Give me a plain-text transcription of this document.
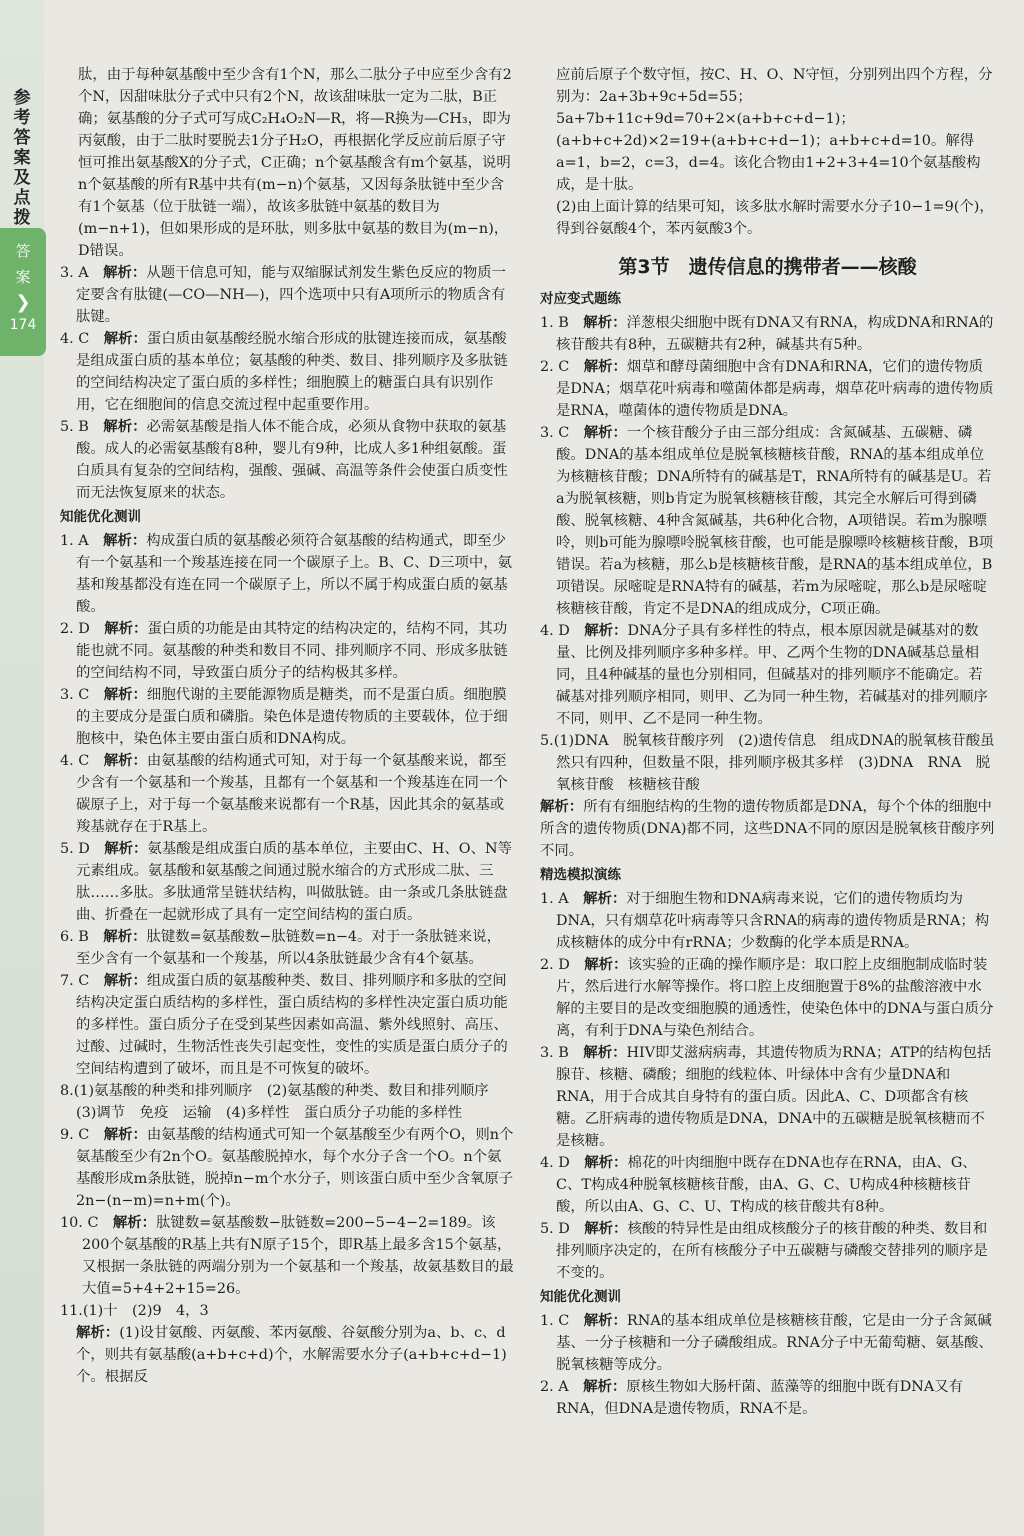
参考答案及点拨
答
案
❯
174

肽，由于每种氨基酸中至少含有1个N，那么二肽分子中应至少含有2个N，因甜味肽分子式中只有2个N，故该甜味肽一定为二肽，B正确；氨基酸的分子式可写成C₂H₄O₂N—R，将—R换为—CH₃，即为丙氨酸，由于二肽时要脱去1分子H₂O，再根据化学反应前后原子守恒可推出氨基酸X的分子式，C正确；n个氨基酸含有m个氨基，说明n个氨基酸的所有R基中共有(m−n)个氨基，又因每条肽链中至少含有1个氨基（位于肽链一端），故该多肽链中氨基的数目为(m−n+1)，但如果形成的是环肽，则多肽中氨基的数目为(m−n)，D错误。

3. A　 解析：从题干信息可知，能与双缩脲试剂发生紫色反应的物质一定要含有肽键(—CO—NH—)，四个选项中只有A项所示的物质含有肽键。

4. C　 解析：蛋白质由氨基酸经脱水缩合形成的肽键连接而成，氨基酸是组成蛋白质的基本单位；氨基酸的种类、数目、排列顺序及多肽链的空间结构决定了蛋白质的多样性；细胞膜上的糖蛋白具有识别作用，它在细胞间的信息交流过程中起重要作用。

5. B　 解析：必需氨基酸是指人体不能合成，必须从食物中获取的氨基酸。成人的必需氨基酸有8种，婴儿有9种，比成人多1种组氨酸。蛋白质具有复杂的空间结构，强酸、强碱、高温等条件会使蛋白质变性而无法恢复原来的状态。

知能优化测训

1. A　 解析：构成蛋白质的氨基酸必须符合氨基酸的结构通式，即至少有一个氨基和一个羧基连接在同一个碳原子上。B、C、D三项中，氨基和羧基都没有连在同一个碳原子上，所以不属于构成蛋白质的氨基酸。

2. D　 解析：蛋白质的功能是由其特定的结构决定的，结构不同，其功能也就不同。氨基酸的种类和数目不同、排列顺序不同、形成多肽链的空间结构不同，导致蛋白质分子的结构极其多样。

3. C　 解析：细胞代谢的主要能源物质是糖类，而不是蛋白质。细胞膜的主要成分是蛋白质和磷脂。染色体是遗传物质的主要载体，位于细胞核中，染色体主要由蛋白质和DNA构成。

4. C　 解析：由氨基酸的结构通式可知，对于每一个氨基酸来说，都至少含有一个氨基和一个羧基，且都有一个氨基和一个羧基连在同一个碳原子上，对于每一个氨基酸来说都有一个R基，因此其余的氨基或羧基就存在于R基上。

5. D　 解析：氨基酸是组成蛋白质的基本单位，主要由C、H、O、N等元素组成。氨基酸和氨基酸之间通过脱水缩合的方式形成二肽、三肽……多肽。多肽通常呈链状结构，叫做肽链。由一条或几条肽链盘曲、折叠在一起就形成了具有一定空间结构的蛋白质。

6. B　 解析：肽键数=氨基酸数−肽链数=n−4。对于一条肽链来说，至少含有一个氨基和一个羧基，所以4条肽链最少含有4个氨基。

7. C　 解析：组成蛋白质的氨基酸种类、数目、排列顺序和多肽的空间结构决定蛋白质结构的多样性，蛋白质结构的多样性决定蛋白质功能的多样性。蛋白质分子在受到某些因素如高温、紫外线照射、高压、过酸、过碱时，生物活性丧失引起变性，变性的实质是蛋白质分子的空间结构遭到了破坏，而且是不可恢复的破坏。

8.(1)氨基酸的种类和排列顺序　(2)氨基酸的种类、数目和排列顺序　(3)调节　免疫　运输　(4)多样性　蛋白质分子功能的多样性

9. C　 解析：由氨基酸的结构通式可知一个氨基酸至少有两个O，则n个氨基酸至少有2n个O。氨基酸脱掉水，每个水分子含一个O。n个氨基酸形成m条肽链，脱掉n−m个水分子，则该蛋白质中至少含氧原子2n−(n−m)=n+m(个)。

10. C　 解析：肽键数=氨基酸数−肽链数=200−5−4−2=189。该200个氨基酸的R基上共有N原子15个，即R基上最多含15个氨基，又根据一条肽链的两端分别为一个氨基和一个羧基，故氨基数目的最大值=5+4+2+15=26。

11.(1)十　(2)9　4，3

解析：(1)设甘氨酸、丙氨酸、苯丙氨酸、谷氨酸分别为a、b、c、d个，则共有氨基酸(a+b+c+d)个，水解需要水分子(a+b+c+d−1)个。根据反

应前后原子个数守恒，按C、H、O、N守恒，分别列出四个方程，分别为：2a+3b+9c+5d=55；5a+7b+11c+9d=70+2×(a+b+c+d−1)；(a+b+c+2d)×2=19+(a+b+c+d−1)；a+b+c+d=10。解得a=1，b=2，c=3，d=4。该化合物由1+2+3+4=10个氨基酸构成，是十肽。

(2)由上面计算的结果可知，该多肽水解时需要水分子10−1=9(个)，得到谷氨酸4个，苯丙氨酸3个。

第3节　遗传信息的携带者——核酸
对应变式题练

1. B　 解析：洋葱根尖细胞中既有DNA又有RNA，构成DNA和RNA的核苷酸共有8种，五碳糖共有2种，碱基共有5种。

2. C　 解析：烟草和酵母菌细胞中含有DNA和RNA，它们的遗传物质是DNA；烟草花叶病毒和噬菌体都是病毒，烟草花叶病毒的遗传物质是RNA，噬菌体的遗传物质是DNA。

3. C　 解析：一个核苷酸分子由三部分组成：含氮碱基、五碳糖、磷酸。DNA的基本组成单位是脱氧核糖核苷酸，RNA的基本组成单位为核糖核苷酸；DNA所特有的碱基是T，RNA所特有的碱基是U。若a为脱氧核糖，则b肯定为脱氧核糖核苷酸，其完全水解后可得到磷酸、脱氧核糖、4种含氮碱基，共6种化合物，A项错误。若m为腺嘌呤，则b可能为腺嘌呤脱氧核苷酸，也可能是腺嘌呤核糖核苷酸，B项错误。若a为核糖，那么b是核糖核苷酸，是RNA的基本组成单位，B项错误。尿嘧啶是RNA特有的碱基，若m为尿嘧啶，那么b是尿嘧啶核糖核苷酸，肯定不是DNA的组成成分，C项正确。

4. D　 解析：DNA分子具有多样性的特点，根本原因就是碱基对的数量、比例及排列顺序多种多样。甲、乙两个生物的DNA碱基总量相同，且4种碱基的量也分别相同，但碱基对的排列顺序不能确定。若碱基对排列顺序相同，则甲、乙为同一种生物，若碱基对的排列顺序不同，则甲、乙不是同一种生物。

5.(1)DNA　脱氧核苷酸序列　(2)遗传信息　组成DNA的脱氧核苷酸虽然只有四种，但数量不限，排列顺序极其多样　(3)DNA　RNA　脱氧核苷酸　核糖核苷酸

解析：所有有细胞结构的生物的遗传物质都是DNA，每个个体的细胞中所含的遗传物质(DNA)都不同，这些DNA不同的原因是脱氧核苷酸序列不同。

精选模拟演练

1. A　 解析：对于细胞生物和DNA病毒来说，它们的遗传物质均为DNA，只有烟草花叶病毒等只含RNA的病毒的遗传物质是RNA；构成核糖体的成分中有rRNA；少数酶的化学本质是RNA。

2. D　 解析：该实验的正确的操作顺序是：取口腔上皮细胞制成临时装片，然后进行水解等操作。将口腔上皮细胞置于8%的盐酸溶液中水解的主要目的是改变细胞膜的通透性，使染色体中的DNA与蛋白质分离，有利于DNA与染色剂结合。

3. B　 解析：HIV即艾滋病病毒，其遗传物质为RNA；ATP的结构包括腺苷、核糖、磷酸；细胞的线粒体、叶绿体中含有少量DNA和RNA，用于合成其自身特有的蛋白质。因此A、C、D项都含有核糖。乙肝病毒的遗传物质是DNA，DNA中的五碳糖是脱氧核糖而不是核糖。

4. D　 解析：棉花的叶肉细胞中既存在DNA也存在RNA，由A、G、C、T构成4种脱氧核糖核苷酸，由A、G、C、U构成4种核糖核苷酸，所以由A、G、C、U、T构成的核苷酸共有8种。

5. D　 解析：核酸的特异性是由组成核酸分子的核苷酸的种类、数目和排列顺序决定的，在所有核酸分子中五碳糖与磷酸交替排列的顺序是不变的。

知能优化测训

1. C　 解析：RNA的基本组成单位是核糖核苷酸，它是由一分子含氮碱基、一分子核糖和一分子磷酸组成。RNA分子中无葡萄糖、氨基酸、脱氧核糖等成分。

2. A　 解析：原核生物如大肠杆菌、蓝藻等的细胞中既有DNA又有RNA，但DNA是遗传物质，RNA不是。
